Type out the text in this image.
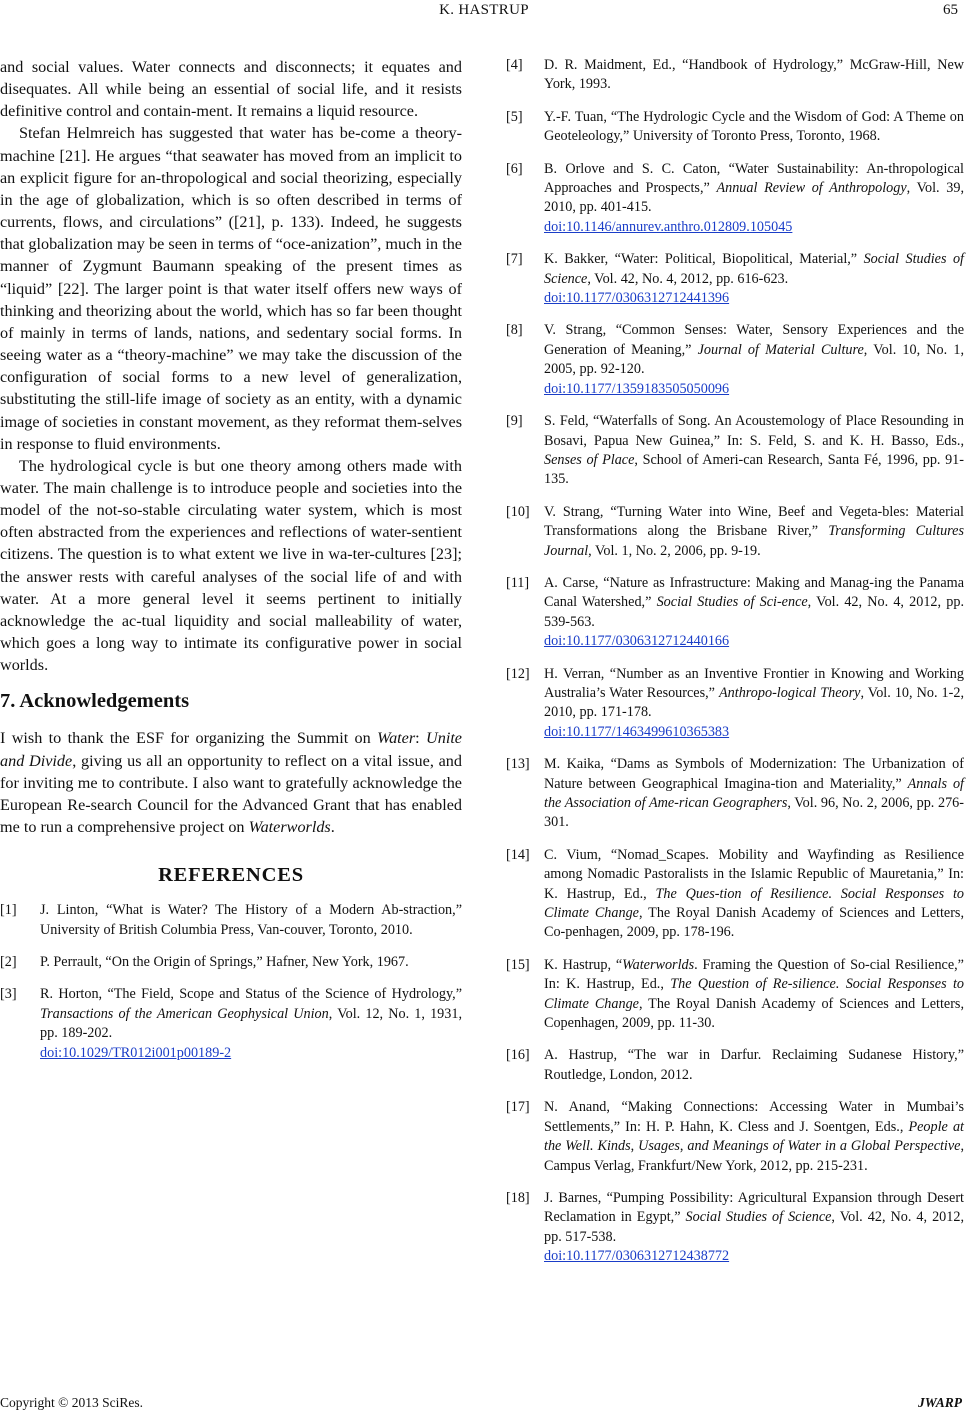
K. HASTRUP	65

and social values. Water connects and disconnects; it equates and disequates. All while being an essential of social life, and it resists definitive control and contain-ment. It remains a liquid resource.

Stefan Helmreich has suggested that water has be-come a theory-machine [21]. He argues “that seawater has moved from an implicit to an explicit figure for an-thropological and social theorizing, especially in the age of globalization, which is so often described in terms of currents, flows, and circulations” ([21], p. 133). Indeed, he suggests that globalization may be seen in terms of “oce-anization”, much in the manner of Zygmunt Baumann speaking of the present times as “liquid” [22]. The larger point is that water itself offers new ways of thinking and theorizing about the world, which has so far been thought of mainly in terms of lands, nations, and sedentary social forms. In seeing water as a “theory-machine” we may take the discussion of the configuration of social forms to a new level of generalization, substituting the still-life image of society as an entity, with a dynamic image of societies in constant movement, as they reformat them-selves in response to fluid environments.

The hydrological cycle is but one theory among others made with water. The main challenge is to introduce people and societies into the model of the not-so-stable circulating water system, which is most often abstracted from the experiences and reflections of water-sentient citizens. The question is to what extent we live in wa-ter-cultures [23]; the answer rests with careful analyses of the social life of and with water. At a more general level it seems pertinent to initially acknowledge the ac-tual liquidity and social malleability of water, which goes a long way to intimate its configurative power in social worlds.

7. Acknowledgements

I wish to thank the ESF for organizing the Summit on Water: Unite and Divide, giving us all an opportunity to reflect on a vital issue, and for inviting me to contribute. I also want to gratefully acknowledge the European Re-search Council for the Advanced Grant that has enabled me to run a comprehensive project on Waterworlds.

REFERENCES
[1]	J. Linton, “What is Water? The History of a Modern Ab-straction,” University of British Columbia Press, Van-couver, Toronto, 2010.
[2]	P. Perrault, “On the Origin of Springs,” Hafner, New York, 1967.
[3]	R. Horton, “The Field, Scope and Status of the Science of Hydrology,” Transactions of the American Geophysical Union, Vol. 12, No. 1, 1931, pp. 189-202.
doi:10.1029/TR012i001p00189-2
[4]	D. R. Maidment, Ed., “Handbook of Hydrology,” McGraw-Hill, New York, 1993.
[5]	Y.-F. Tuan, “The Hydrologic Cycle and the Wisdom of God: A Theme on Geoteleology,” University of Toronto Press, Toronto, 1968.
[6]	B. Orlove and S. C. Caton, “Water Sustainability: An-thropological Approaches and Prospects,” Annual Review of Anthropology, Vol. 39, 2010, pp. 401-415.
doi:10.1146/annurev.anthro.012809.105045
[7]	K. Bakker, “Water: Political, Biopolitical, Material,” Social Studies of Science, Vol. 42, No. 4, 2012, pp. 616-623.
doi:10.1177/0306312712441396
[8]	V. Strang, “Common Senses: Water, Sensory Experiences and the Generation of Meaning,” Journal of Material Culture, Vol. 10, No. 1, 2005, pp. 92-120.
doi:10.1177/1359183505050096
[9]	S. Feld, “Waterfalls of Song. An Acoustemology of Place Resounding in Bosavi, Papua New Guinea,” In: S. Feld, S. and K. H. Basso, Eds., Senses of Place, School of Ameri-can Research, Santa Fé, 1996, pp. 91-135.
[10]	V. Strang, “Turning Water into Wine, Beef and Vegeta-bles: Material Transformations along the Brisbane River,” Transforming Cultures Journal, Vol. 1, No. 2, 2006, pp. 9-19.
[11]	A. Carse, “Nature as Infrastructure: Making and Manag-ing the Panama Canal Watershed,” Social Studies of Sci-ence, Vol. 42, No. 4, 2012, pp. 539-563.
doi:10.1177/0306312712440166
[12]	H. Verran, “Number as an Inventive Frontier in Knowing and Working Australia’s Water Resources,” Anthropo-logical Theory, Vol. 10, No. 1-2, 2010, pp. 171-178.
doi:10.1177/1463499610365383
[13]	M. Kaika, “Dams as Symbols of Modernization: The Urbanization of Nature between Geographical Imagina-tion and Materiality,” Annals of the Association of Ame-rican Geographers, Vol. 96, No. 2, 2006, pp. 276-301.
[14]	C. Vium, “Nomad_Scapes. Mobility and Wayfinding as Resilience among Nomadic Pastoralists in the Islamic Republic of Mauretania,” In: K. Hastrup, Ed., The Ques-tion of Resilience. Social Responses to Climate Change, The Royal Danish Academy of Sciences and Letters, Co-penhagen, 2009, pp. 178-196.
[15]	K. Hastrup, “Waterworlds. Framing the Question of So-cial Resilience,” In: K. Hastrup, Ed., The Question of Re-silience. Social Responses to Climate Change, The Royal Danish Academy of Sciences and Letters, Copenhagen, 2009, pp. 11-30.
[16]	A. Hastrup, “The war in Darfur. Reclaiming Sudanese History,” Routledge, London, 2012.
[17]	N. Anand, “Making Connections: Accessing Water in Mumbai’s Settlements,” In: H. P. Hahn, K. Cless and J. Soentgen, Eds., People at the Well. Kinds, Usages, and Meanings of Water in a Global Perspective, Campus Verlag, Frankfurt/New York, 2012, pp. 215-231.
[18]	J. Barnes, “Pumping Possibility: Agricultural Expansion through Desert Reclamation in Egypt,” Social Studies of Science, Vol. 42, No. 4, 2012, pp. 517-538.
doi:10.1177/0306312712438772
Copyright © 2013 SciRes.	JWARP
